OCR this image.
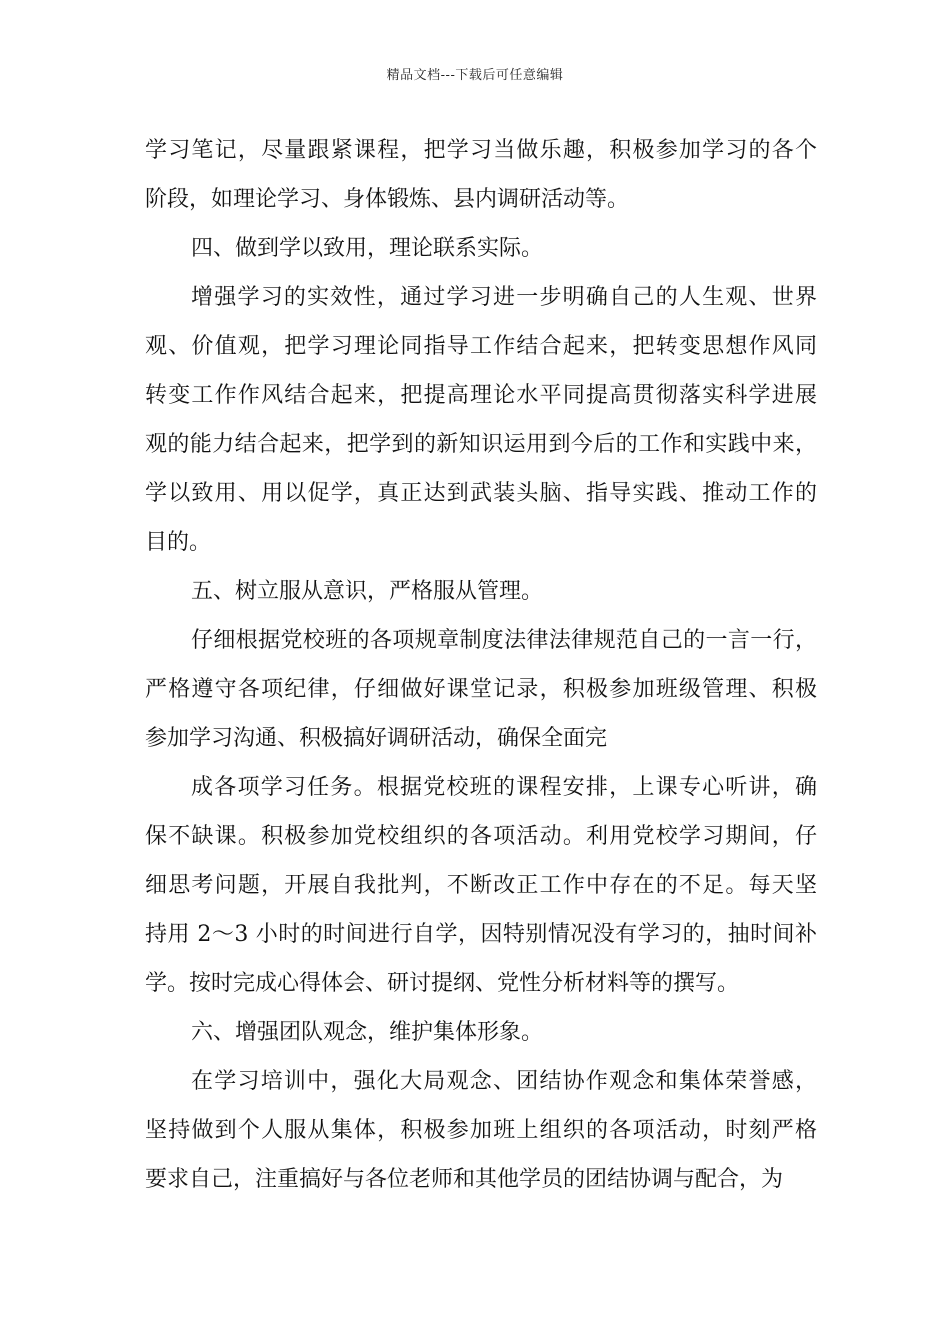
精品文档---下载后可任意编辑
学习笔记，尽量跟紧课程，把学习当做乐趣，积极参加学习的各个
阶段，如理论学习、身体锻炼、县内调研活动等。
四、做到学以致用，理论联系实际。
增强学习的实效性，通过学习进一步明确自己的人生观、世界
观、价值观，把学习理论同指导工作结合起来，把转变思想作风同
转变工作作风结合起来，把提高理论水平同提高贯彻落实科学进展
观的能力结合起来，把学到的新知识运用到今后的工作和实践中来，
学以致用、用以促学，真正达到武装头脑、指导实践、推动工作的
目的。
五、树立服从意识，严格服从管理。
仔细根据党校班的各项规章制度法律法律规范自己的一言一行，
严格遵守各项纪律，仔细做好课堂记录，积极参加班级管理、积极
参加学习沟通、积极搞好调研活动，确保全面完
成各项学习任务。根据党校班的课程安排，上课专心听讲，确
保不缺课。积极参加党校组织的各项活动。利用党校学习期间，仔
细思考问题，开展自我批判，不断改正工作中存在的不足。每天坚
持用 2～3 小时的时间进行自学，因特别情况没有学习的，抽时间补
学。按时完成心得体会、研讨提纲、党性分析材料等的撰写。
六、增强团队观念，维护集体形象。
在学习培训中，强化大局观念、团结协作观念和集体荣誉感，
坚持做到个人服从集体，积极参加班上组织的各项活动，时刻严格
要求自己，注重搞好与各位老师和其他学员的团结协调与配合，为
